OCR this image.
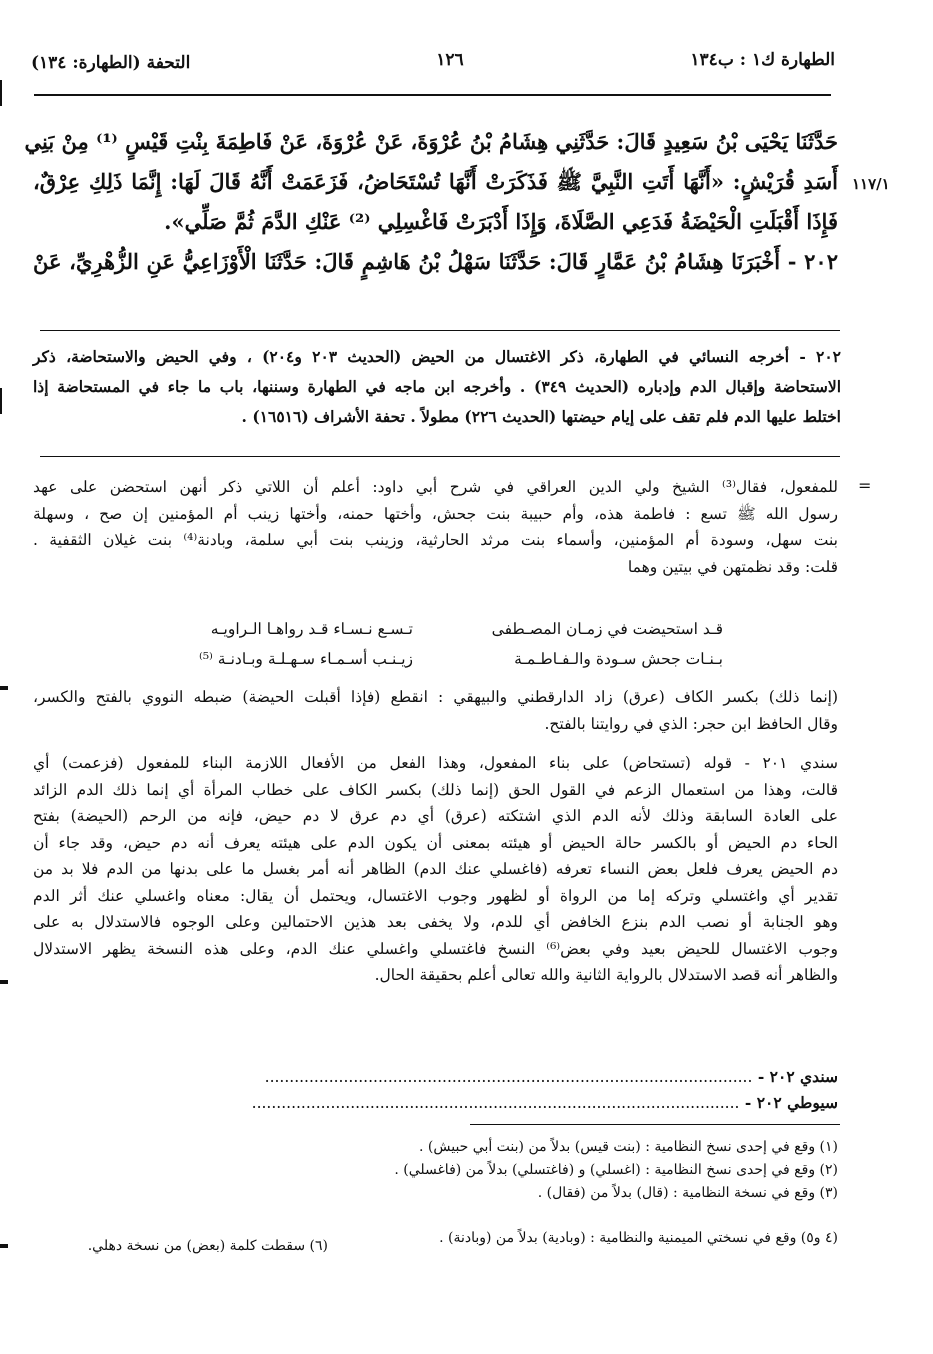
الطهارة ك١ : ب١٣٤
١٢٦
التحفة (الطهارة: ١٣٤)
حَدَّثَنَا يَحْيَى بْنُ سَعِيدٍ قَالَ: حَدَّثَنِي هِشَامُ بْنُ عُرْوَةَ، عَنْ عُرْوَةَ، عَنْ فَاطِمَةَ بِنْتِ قَيْسٍ ⁽¹⁾ مِنْ بَنِي
أَسَدِ قُرَيْشٍ: «أَنَّهَا أَتَتِ النَّبِيَّ ﷺ فَذَكَرَتْ أَنَّهَا تُسْتَحَاضُ، فَزَعَمَتْ أَنَّهُ قَالَ لَهَا: إِنَّمَا ذَلِكِ عِرْقٌ،
فَإِذَا أَقْبَلَتِ الْحَيْضَةُ فَدَعِي الصَّلَاةَ، وَإِذَا أَدْبَرَتْ فَاغْسِلِي ⁽²⁾ عَنْكِ الدَّمَ ثُمَّ صَلِّي».
٢٠٢ - أَخْبَرَنَا هِشَامُ بْنُ عَمَّارٍ قَالَ: حَدَّثَنَا سَهْلُ بْنُ هَاشِمٍ قَالَ: حَدَّثَنَا الْأَوْزَاعِيُّ عَنِ الزُّهْرِيِّ، عَنْ
١١٧/١
٢٠٢ - أخرجه النسائي في الطهارة، ذكر الاغتسال من الحيض (الحديث ٢٠٣ و٢٠٤) ، وفي الحيض والاستحاضة، ذكر
الاستحاضة وإقبال الدم وإدباره (الحديث ٣٤٩) . وأخرجه ابن ماجه في الطهارة وسننها، باب ما جاء في المستحاضة إذا
اختلط عليها الدم فلم تقف على إيام حيضتها (الحديث ٢٢٦) مطولاً . تحفة الأشراف (١٦٥١٦) .
=
للمفعول، فقال⁽³⁾ الشيخ ولي الدين العراقي في شرح أبي داود: أعلم أن اللاتي ذكر أنهن استحضن على عهد
رسول الله ﷺ تسع : فاطمة هذه، وأم حبيبة بنت جحش، وأختها حمنه، وأختها زينب أم المؤمنين إن صح ، وسهلة
بنت سهل، وسودة أم المؤمنين، وأسماء بنت مرثد الحارثية، وزينب بنت أبي سلمة، وبادنة⁽⁴⁾ بنت غيلان الثقفية .
قلت: وقد نظمتهن في بيتين وهما
قـد استحيضت في زمـان المصـطفى
تـسـع نـسـاء قـد رواهـا الـراويـه
بـنـات جحش سـودة والـفـاطـمـة
زيـنـب أسـمـاء سـهـلـة وبـادنـة ⁽⁵⁾
(إنما ذلك) بكسر الكاف (عرق) زاد الدارقطني والبيهقي : انقطع (فإذا أقبلت الحيضة) ضبطه النووي بالفتح والكسر،
وقال الحافظ ابن حجر: الذي في روايتنا بالفتح.
سندي ٢٠١ - قوله (تستحاض) على بناء المفعول، وهذا الفعل من الأفعال اللازمة البناء للمفعول (فزعمت) أي
قالت، وهذا من استعمال الزعم في القول الحق (إنما ذلك) بكسر الكاف على خطاب المرأة أي إنما ذلك الدم الزائد
على العادة السابقة وذلك لأنه الدم الذي اشتكته (عرق) أي دم عرق لا دم حيض، فإنه من الرحم (الحيضة) بفتح
الحاء دم الحيض أو بالكسر حالة الحيض أو هيئته بمعنى أن يكون الدم على هيئته يعرف أنه دم حيض، وقد جاء أن
دم الحيض يعرف فلعل بعض النساء تعرفه (فاغسلي عنك الدم) الظاهر أنه أمر بغسل ما على بدنها من الدم فلا بد من
تقدير أي واغتسلي وتركه إما من الرواة أو لظهور وجوب الاغتسال، ويحتمل أن يقال: معناه واغسلي عنك أثر الدم
وهو الجنابة أو نصب الدم بنزع الخافض أي للدم، ولا يخفى بعد هذين الاحتمالين وعلى الوجوه فالاستدلال به على
وجوب الاغتسال للحيض بعيد وفي بعض⁽⁶⁾ النسخ فاغتسلي واغسلي عنك الدم، وعلى هذه النسخة يظهر الاستدلال
والظاهر أنه قصد الاستدلال بالرواية الثانية والله تعالى أعلم بحقيقة الحال.
سندي ٢٠٢ - ...................................................................................................
سيوطي ٢٠٢ - ...................................................................................................
(١) وقع في إحدى نسخ النظامية : (بنت قيس) بدلاً من (بنت أبي حبيش) .
(٢) وقع في إحدى نسخ النظامية : (اغسلي) و (فاغتسلي) بدلاً من (فاغسلي) .
(٣) وقع في نسخة النظامية : (قال) بدلاً من (فقال) .
(٤ و٥) وقع في نسختي الميمنية والنظامية : (وبادية) بدلاً من (وبادنة) .
(٦) سقطت كلمة (بعض) من نسخة دهلي.
